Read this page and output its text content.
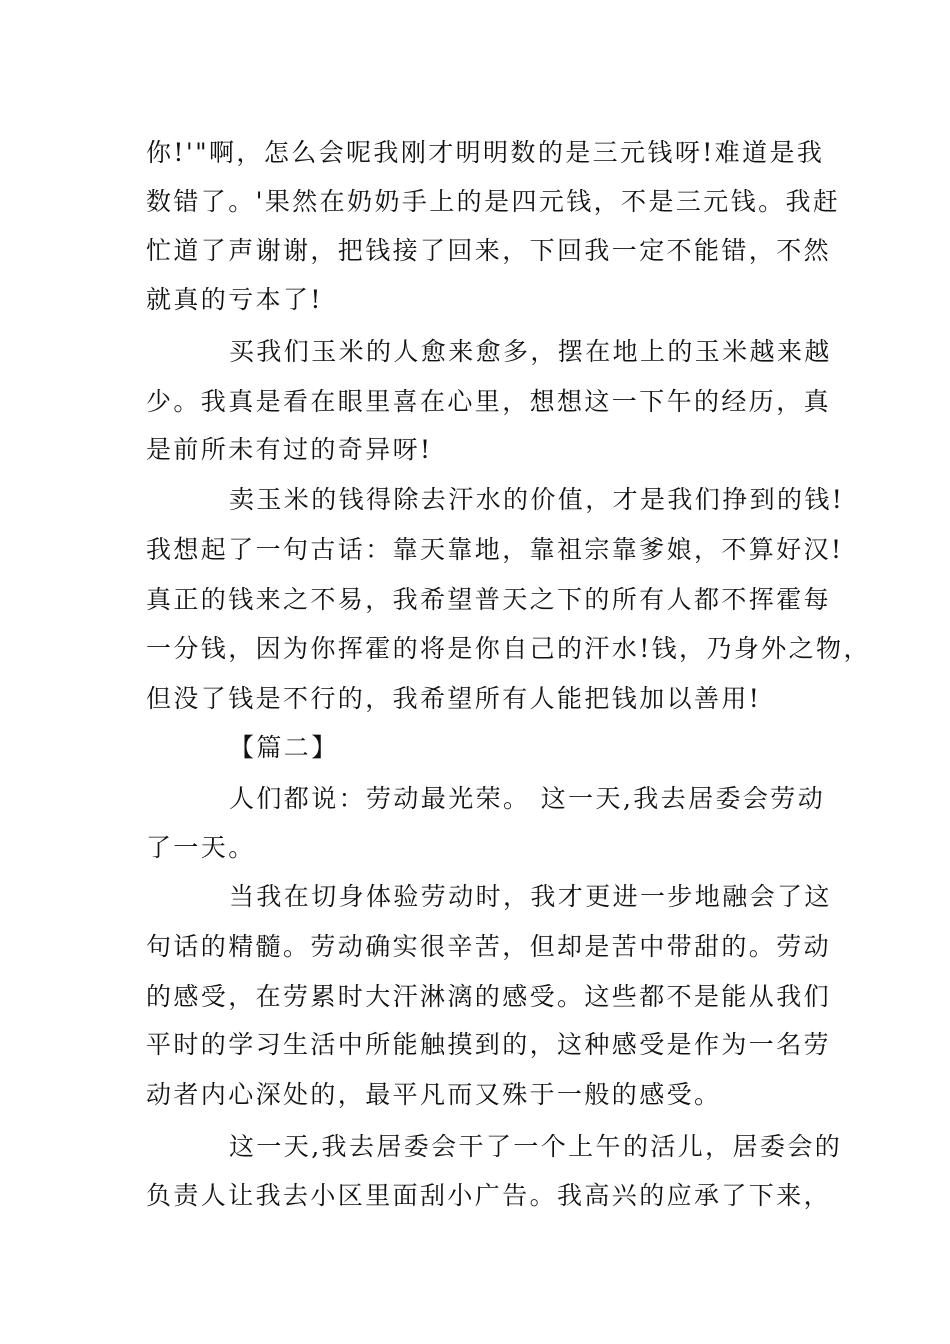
你!'"啊，怎么会呢我刚才明明数的是三元钱呀!难道是我
数错了。'果然在奶奶手上的是四元钱，不是三元钱。我赶
忙道了声谢谢，把钱接了回来，下回我一定不能错，不然
就真的亏本了!
买我们玉米的人愈来愈多，摆在地上的玉米越来越
少。我真是看在眼里喜在心里，想想这一下午的经历，真
是前所未有过的奇异呀!
卖玉米的钱得除去汗水的价值，才是我们挣到的钱!
我想起了一句古话：靠天靠地，靠祖宗靠爹娘，不算好汉!
真正的钱来之不易，我希望普天之下的所有人都不挥霍每
一分钱，因为你挥霍的将是你自己的汗水!钱，乃身外之物，
但没了钱是不行的，我希望所有人能把钱加以善用!
【篇二】
人们都说：劳动最光荣。 这一天,我去居委会劳动
了一天。
当我在切身体验劳动时，我才更进一步地融会了这
句话的精髓。劳动确实很辛苦，但却是苦中带甜的。劳动
的感受，在劳累时大汗淋漓的感受。这些都不是能从我们
平时的学习生活中所能触摸到的，这种感受是作为一名劳
动者内心深处的，最平凡而又殊于一般的感受。
这一天,我去居委会干了一个上午的活儿，居委会的
负责人让我去小区里面刮小广告。我高兴的应承了下来，
